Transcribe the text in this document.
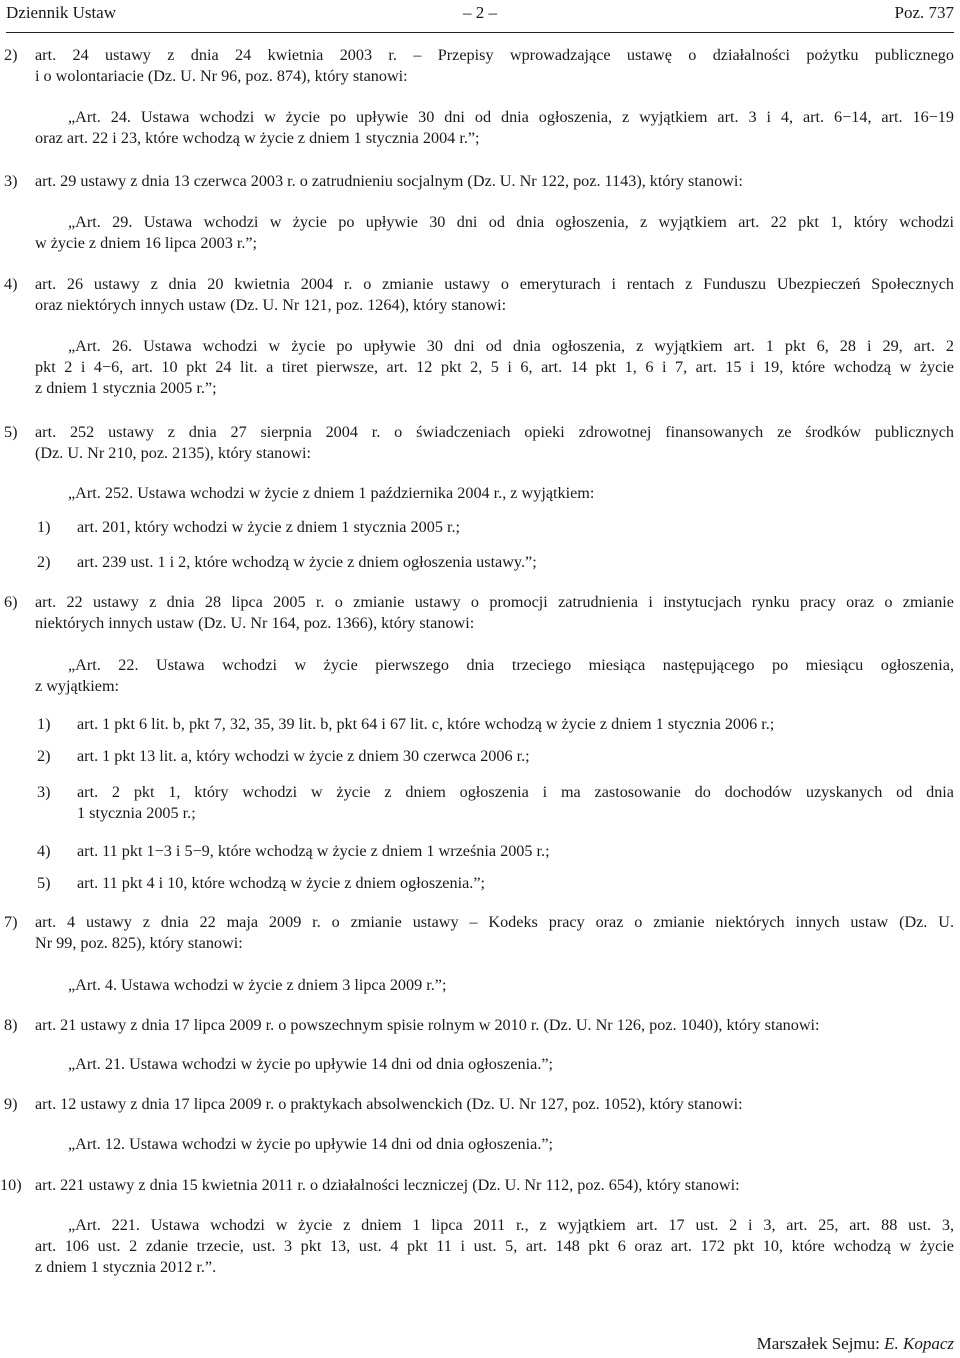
Dziennik Ustaw	– 2 –	Poz. 737
2) art. 24 ustawy z dnia 24 kwietnia 2003 r. – Przepisy wprowadzające ustawę o działalności pożytku publicznego
i o wolontariacie (Dz. U. Nr 96, poz. 874), który stanowi:
„Art. 24. Ustawa wchodzi w życie po upływie 30 dni od dnia ogłoszenia, z wyjątkiem art. 3 i 4, art. 6−14, art. 16−19
oraz art. 22 i 23, które wchodzą w życie z dniem 1 stycznia 2004 r.”;
3) art. 29 ustawy z dnia 13 czerwca 2003 r. o zatrudnieniu socjalnym (Dz. U. Nr 122, poz. 1143), który stanowi:
„Art. 29. Ustawa wchodzi w życie po upływie 30 dni od dnia ogłoszenia, z wyjątkiem art. 22 pkt 1, który wchodzi
w życie z dniem 16 lipca 2003 r.”;
4) art. 26 ustawy z dnia 20 kwietnia 2004 r. o zmianie ustawy o emeryturach i rentach z Funduszu Ubezpieczeń Społecznych
oraz niektórych innych ustaw (Dz. U. Nr 121, poz. 1264), który stanowi:
„Art. 26. Ustawa wchodzi w życie po upływie 30 dni od dnia ogłoszenia, z wyjątkiem art. 1 pkt 6, 28 i 29, art. 2
pkt 2 i 4−6, art. 10 pkt 24 lit. a tiret pierwsze, art. 12 pkt 2, 5 i 6, art. 14 pkt 1, 6 i 7, art. 15 i 19, które wchodzą w życie
z dniem 1 stycznia 2005 r.”;
5) art. 252 ustawy z dnia 27 sierpnia 2004 r. o świadczeniach opieki zdrowotnej finansowanych ze środków publicznych
(Dz. U. Nr 210, poz. 2135), który stanowi:
„Art. 252. Ustawa wchodzi w życie z dniem 1 października 2004 r., z wyjątkiem:
1) art. 201, który wchodzi w życie z dniem 1 stycznia 2005 r.;
2) art. 239 ust. 1 i 2, które wchodzą w życie z dniem ogłoszenia ustawy.”;
6) art. 22 ustawy z dnia 28 lipca 2005 r. o zmianie ustawy o promocji zatrudnienia i instytucjach rynku pracy oraz o zmianie
niektórych innych ustaw (Dz. U. Nr 164, poz. 1366), który stanowi:
„Art. 22. Ustawa wchodzi w życie pierwszego dnia trzeciego miesiąca następującego po miesiącu ogłoszenia,
z wyjątkiem:
1) art. 1 pkt 6 lit. b, pkt 7, 32, 35, 39 lit. b, pkt 64 i 67 lit. c, które wchodzą w życie z dniem 1 stycznia 2006 r.;
2) art. 1 pkt 13 lit. a, który wchodzi w życie z dniem 30 czerwca 2006 r.;
3) art. 2 pkt 1, który wchodzi w życie z dniem ogłoszenia i ma zastosowanie do dochodów uzyskanych od dnia
1 stycznia 2005 r.;
4) art. 11 pkt 1−3 i 5−9, które wchodzą w życie z dniem 1 września 2005 r.;
5) art. 11 pkt 4 i 10, które wchodzą w życie z dniem ogłoszenia.”;
7) art. 4 ustawy z dnia 22 maja 2009 r. o zmianie ustawy – Kodeks pracy oraz o zmianie niektórych innych ustaw (Dz. U.
Nr 99, poz. 825), który stanowi:
„Art. 4. Ustawa wchodzi w życie z dniem 3 lipca 2009 r.”;
8) art. 21 ustawy z dnia 17 lipca 2009 r. o powszechnym spisie rolnym w 2010 r. (Dz. U. Nr 126, poz. 1040), który stanowi:
„Art. 21. Ustawa wchodzi w życie po upływie 14 dni od dnia ogłoszenia.”;
9) art. 12 ustawy z dnia 17 lipca 2009 r. o praktykach absolwenckich (Dz. U. Nr 127, poz. 1052), który stanowi:
„Art. 12. Ustawa wchodzi w życie po upływie 14 dni od dnia ogłoszenia.”;
10) art. 221 ustawy z dnia 15 kwietnia 2011 r. o działalności leczniczej (Dz. U. Nr 112, poz. 654), który stanowi:
„Art. 221. Ustawa wchodzi w życie z dniem 1 lipca 2011 r., z wyjątkiem art. 17 ust. 2 i 3, art. 25, art. 88 ust. 3,
art. 106 ust. 2 zdanie trzecie, ust. 3 pkt 13, ust. 4 pkt 11 i ust. 5, art. 148 pkt 6 oraz art. 172 pkt 10, które wchodzą w życie
z dniem 1 stycznia 2012 r.”.
Marszałek Sejmu: E. Kopacz
